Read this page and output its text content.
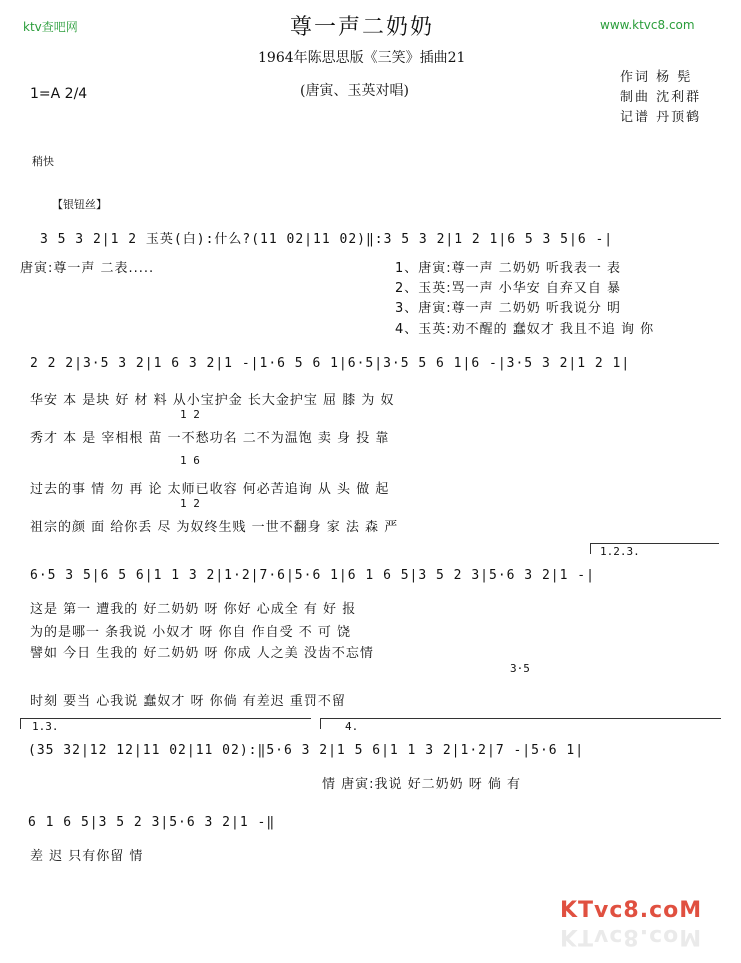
ktv查吧网	www.ktvc8.com
尊一声二奶奶
1964年陈思思版《三笑》插曲21
(唐寅、玉英对唱)
1=A 2/4
作词 杨 髡
制曲 沈利群
记谱 丹顶鹤
稍快
【银钮丝】
3 5 3 2|1 2 玉英(白):什么?(11 02|11 02)‖:3 5 3 2|1 2 1|6 5 3 5|6 -|
唐寅:尊一声 二表.....	1、唐寅:尊一声 二奶奶 听我表一 表
2、玉英:骂一声 小华安 自弃又自 暴
3、唐寅:尊一声 二奶奶 听我说分 明
4、玉英:劝不醒的 蠢奴才 我且不追 询 你
2 2 2|3·5 3 2|1 6 3 2|1 -|1·6 5 6 1|6·5|3·5 5 6 1|6 -|3·5 3 2|1 2 1|
华安 本 是块 好 材 料 从小宝护金 长大金护宝 屈 膝 为 奴
1 2
秀才 本 是 宰相根 苗 一不愁功名 二不为温饱 卖 身 投 靠
1 6
过去的事 情 勿 再 论 太师已收容 何必苦追询 从 头 做 起
1 2
祖宗的颜 面 给你丢 尽 为奴终生贱 一世不翻身 家 法 森 严
1.2.3.
6·5 3 5|6 5 6|1 1 3 2|1·2|7·6|5·6 1|6 1 6 5|3 5 2 3|5·6 3 2|1 -|
这是 第一 遭我的 好二奶奶 呀 你好 心成全 有 好 报
为的是哪一 条我说 小奴才 呀 你自 作自受 不 可 饶
譬如 今日 生我的 好二奶奶 呀 你成 人之美 没齿不忘情
3·5
时刻 要当 心我说 蠢奴才 呀 你倘 有差迟 重罚不留
1.3.	4.
(35 32|12 12|11 02|11 02):‖5·6 3 2|1 5 6|1 1 3 2|1·2|7 -|5·6 1|
情 唐寅:我说 好二奶奶 呀 倘 有
6 1 6 5|3 5 2 3|5·6 3 2|1 -‖
差 迟 只有你留 情
KTvc8.coM
KTvc8.coM
